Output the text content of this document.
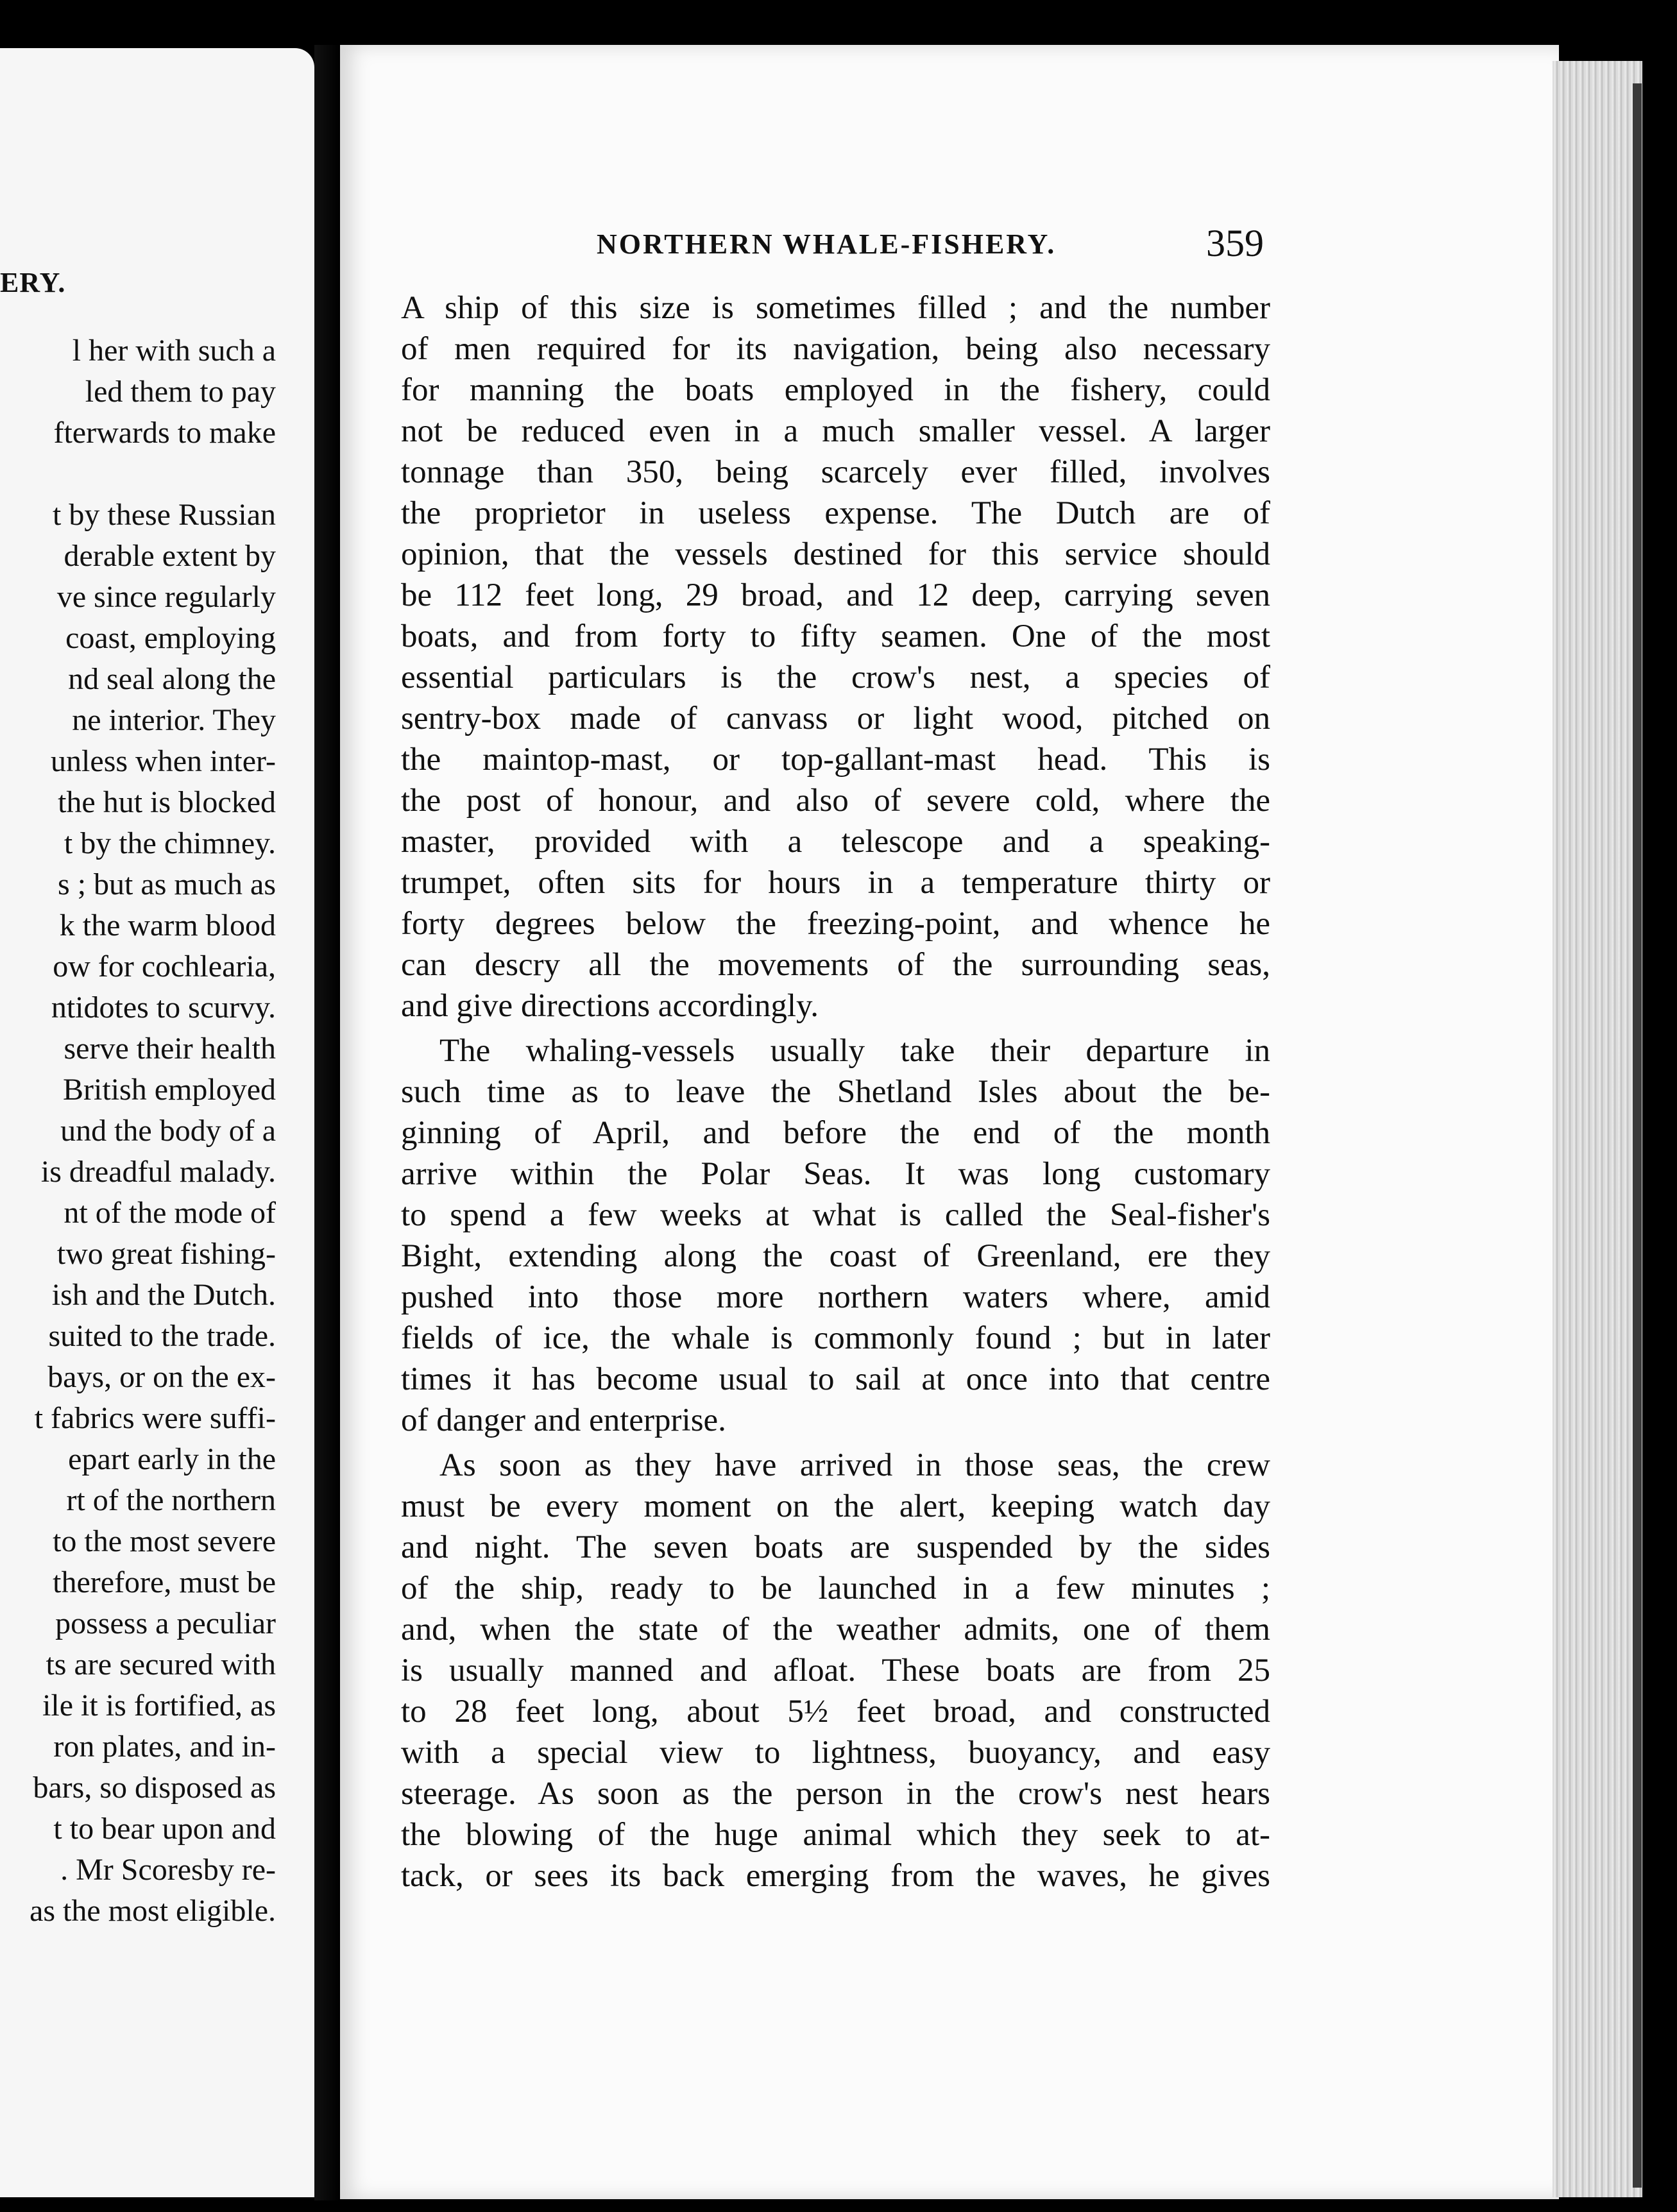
ERY.
l her with such a
led them to pay
fterwards to make
t by these Russian
derable extent by
ve since regularly
coast, employing
nd seal along the
ne interior. They
unless when inter-
the hut is blocked
t by the chimney.
s ; but as much as
k the warm blood
ow for cochlearia,
ntidotes to scurvy.
serve their health
British employed
und the body of a
is dreadful malady.
nt of the mode of
two great fishing-
ish and the Dutch.
suited to the trade.
bays, or on the ex-
t fabrics were suffi-
epart early in the
rt of the northern
to the most severe
therefore, must be
possess a peculiar
ts are secured with
ile it is fortified, as
ron plates, and in-
bars, so disposed as
t to bear upon and
. Mr Scoresby re-
as the most eligible.
NORTHERN WHALE-FISHERY.	359
A ship of this size is sometimes filled ; and the number
of men required for its navigation, being also necessary
for manning the boats employed in the fishery, could
not be reduced even in a much smaller vessel. A larger
tonnage than 350, being scarcely ever filled, involves
the proprietor in useless expense. The Dutch are of
opinion, that the vessels destined for this service should
be 112 feet long, 29 broad, and 12 deep, carrying seven
boats, and from forty to fifty seamen. One of the most
essential particulars is the crow's nest, a species of
sentry-box made of canvass or light wood, pitched on
the maintop-mast, or top-gallant-mast head. This is
the post of honour, and also of severe cold, where the
master, provided with a telescope and a speaking-
trumpet, often sits for hours in a temperature thirty or
forty degrees below the freezing-point, and whence he
can descry all the movements of the surrounding seas,
and give directions accordingly.
The whaling-vessels usually take their departure in
such time as to leave the Shetland Isles about the be-
ginning of April, and before the end of the month
arrive within the Polar Seas. It was long customary
to spend a few weeks at what is called the Seal-fisher's
Bight, extending along the coast of Greenland, ere they
pushed into those more northern waters where, amid
fields of ice, the whale is commonly found ; but in later
times it has become usual to sail at once into that centre
of danger and enterprise.
As soon as they have arrived in those seas, the crew
must be every moment on the alert, keeping watch day
and night. The seven boats are suspended by the sides
of the ship, ready to be launched in a few minutes ;
and, when the state of the weather admits, one of them
is usually manned and afloat. These boats are from 25
to 28 feet long, about 5½ feet broad, and constructed
with a special view to lightness, buoyancy, and easy
steerage. As soon as the person in the crow's nest hears
the blowing of the huge animal which they seek to at-
tack, or sees its back emerging from the waves, he gives
